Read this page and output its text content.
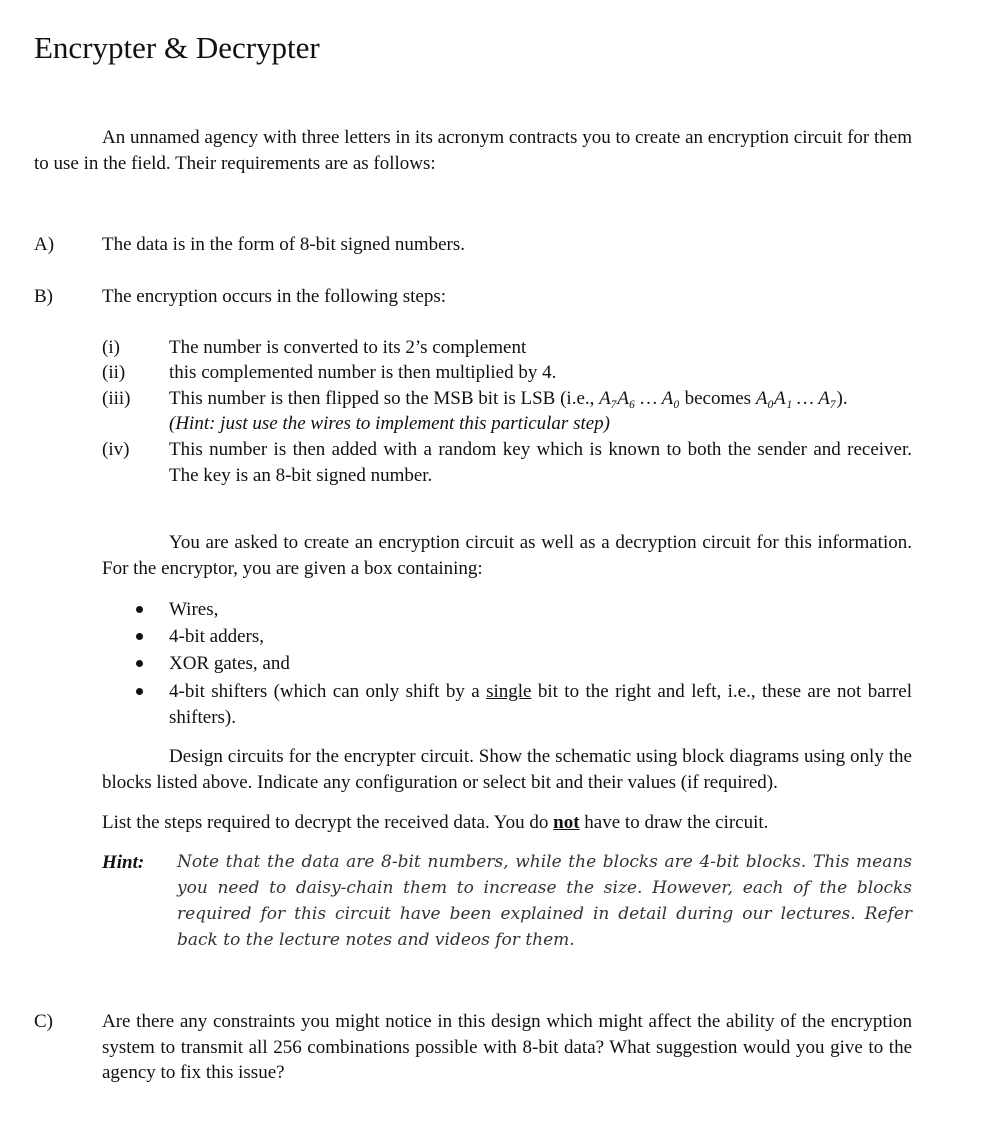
Encrypter & Decrypter
An unnamed agency with three letters in its acronym contracts you to create an encryption circuit for them to use in the field. Their requirements are as follows:
A)	The data is in the form of 8-bit signed numbers.
B)	The encryption occurs in the following steps:
(i)	The number is converted to its 2’s complement
(ii) this complemented number is then multiplied by 4.
(iii) This number is then flipped so the MSB bit is LSB (i.e., A₇A₆ … A₀ becomes A₀A₁ … A₇).
(Hint: just use the wires to implement this particular step)
(iv) This number is then added with a random key which is known to both the sender and receiver. The key is an 8-bit signed number.
You are asked to create an encryption circuit as well as a decryption circuit for this information. For the encryptor, you are given a box containing:
Wires,
4-bit adders,
XOR gates, and
4-bit shifters (which can only shift by a single bit to the right and left, i.e., these are not barrel shifters).
Design circuits for the encrypter circuit. Show the schematic using block diagrams using only the blocks listed above. Indicate any configuration or select bit and their values (if required).
List the steps required to decrypt the received data. You do not have to draw the circuit.
Hint: Note that the data are 8-bit numbers, while the blocks are 4-bit blocks. This means you need to daisy-chain them to increase the size. However, each of the blocks required for this circuit have been explained in detail during our lectures. Refer back to the lecture notes and videos for them.
C)	Are there any constraints you might notice in this design which might affect the ability of the encryption system to transmit all 256 combinations possible with 8-bit data? What suggestion would you give to the agency to fix this issue?
